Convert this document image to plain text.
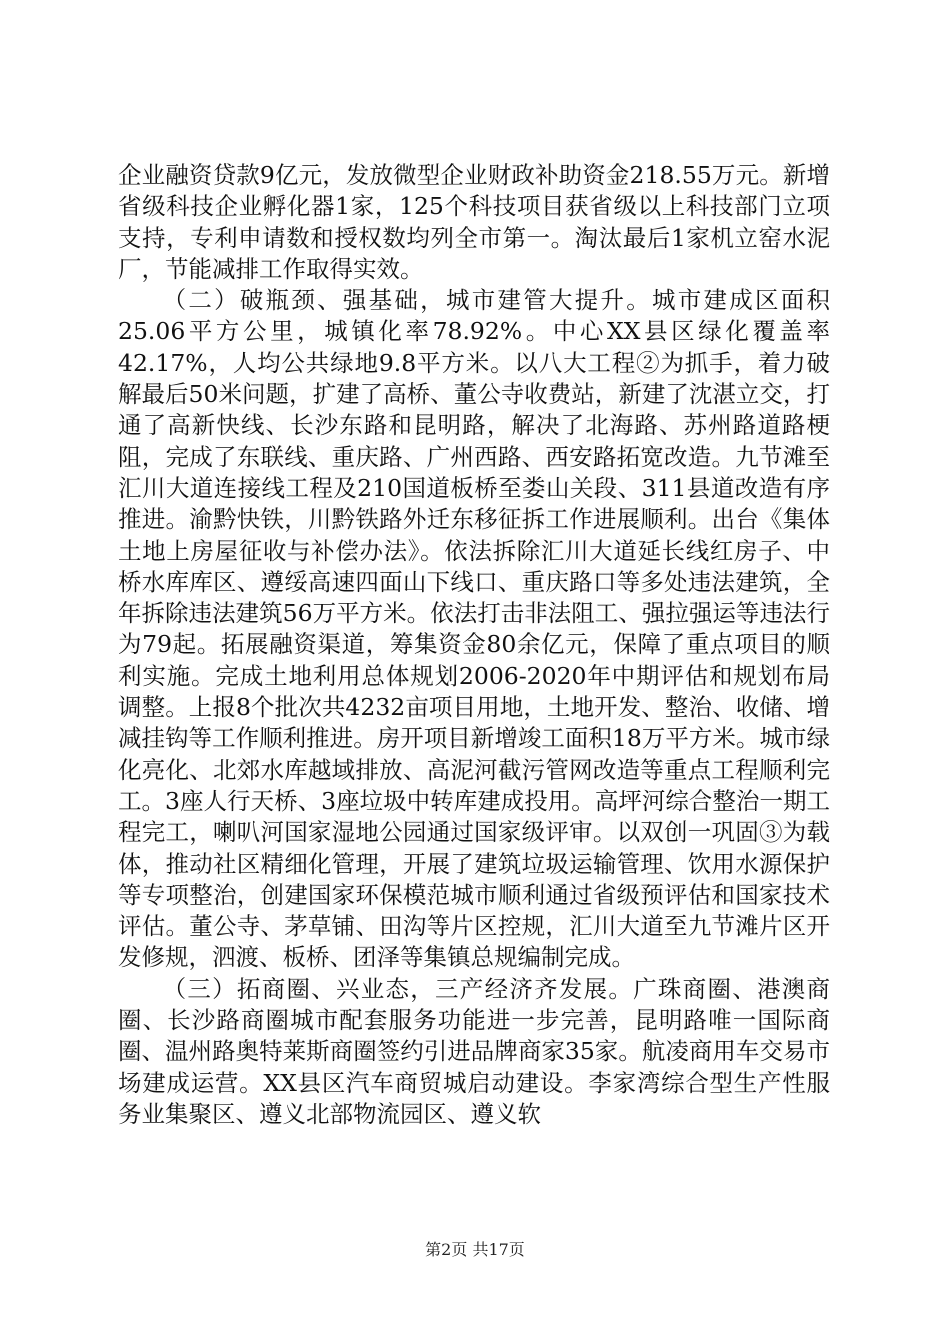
企业融资贷款9亿元，发放微型企业财政补助资金218.55万元。新增省级科技企业孵化器1家，125个科技项目获省级以上科技部门立项支持，专利申请数和授权数均列全市第一。淘汰最后1家机立窑水泥厂，节能减排工作取得实效。

（二）破瓶颈、强基础，城市建管大提升。城市建成区面积25.06平方公里，城镇化率78.92%。中心XX县区绿化覆盖率42.17%，人均公共绿地9.8平方米。以八大工程②为抓手，着力破解最后50米问题，扩建了高桥、董公寺收费站，新建了沈湛立交，打通了高新快线、长沙东路和昆明路，解决了北海路、苏州路道路梗阻，完成了东联线、重庆路、广州西路、西安路拓宽改造。九节滩至汇川大道连接线工程及210国道板桥至娄山关段、311县道改造有序推进。渝黔快铁，川黔铁路外迁东移征拆工作进展顺利。出台《集体土地上房屋征收与补偿办法》。依法拆除汇川大道延长线红房子、中桥水库库区、遵绥高速四面山下线口、重庆路口等多处违法建筑，全年拆除违法建筑56万平方米。依法打击非法阻工、强拉强运等违法行为79起。拓展融资渠道，筹集资金80余亿元，保障了重点项目的顺利实施。完成土地利用总体规划2006-2020年中期评估和规划布局调整。上报8个批次共4232亩项目用地，土地开发、整治、收储、增减挂钩等工作顺利推进。房开项目新增竣工面积18万平方米。城市绿化亮化、北郊水库越域排放、高泥河截污管网改造等重点工程顺利完工。3座人行天桥、3座垃圾中转库建成投用。高坪河综合整治一期工程完工，喇叭河国家湿地公园通过国家级评审。以双创一巩固③为载体，推动社区精细化管理，开展了建筑垃圾运输管理、饮用水源保护等专项整治，创建国家环保模范城市顺利通过省级预评估和国家技术评估。董公寺、茅草铺、田沟等片区控规，汇川大道至九节滩片区开发修规，泗渡、板桥、团泽等集镇总规编制完成。

（三）拓商圈、兴业态，三产经济齐发展。广珠商圈、港澳商圈、长沙路商圈城市配套服务功能进一步完善，昆明路唯一国际商圈、温州路奥特莱斯商圈签约引进品牌商家35家。航凌商用车交易市场建成运营。XX县区汽车商贸城启动建设。李家湾综合型生产性服务业集聚区、遵义北部物流园区、遵义软

第2页 共17页
